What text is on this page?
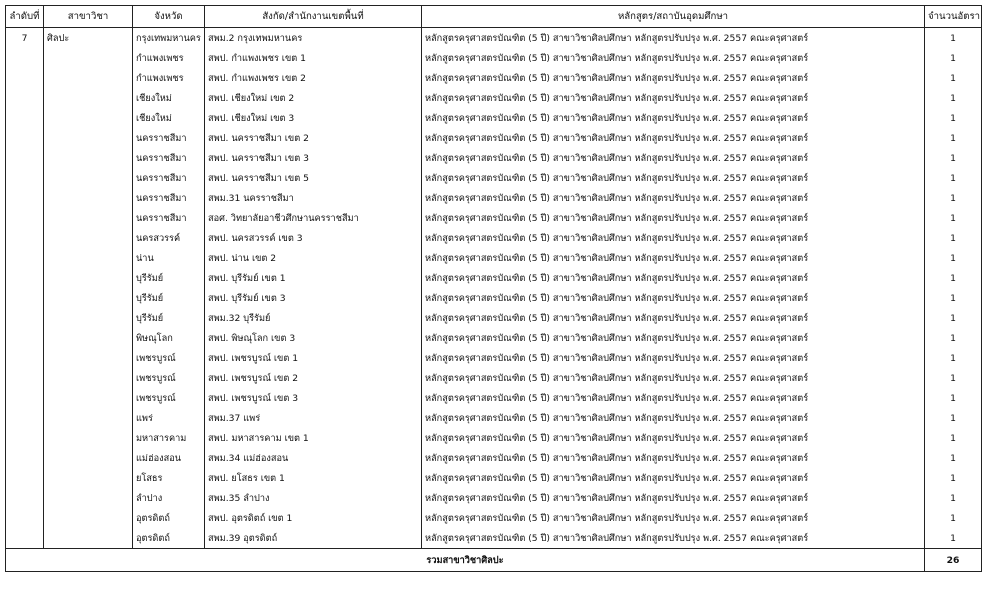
ลำดับที่	สาขาวิชา	จังหวัด	สังกัด/สำนักงานเขตพื้นที่	หลักสูตร/สถาบันอุดมศึกษา	จำนวนอัตรา
7	ศิลปะ	กรุงเทพมหานคร	สพม.2 กรุงเทพมหานคร	หลักสูตรครุศาสตรบัณฑิต (5 ปี) สาขาวิชาศิลปศึกษา หลักสูตรปรับปรุง พ.ศ. 2557 คณะครุศาสตร์	1
		กำแพงเพชร	สพป. กำแพงเพชร เขต 1	หลักสูตรครุศาสตรบัณฑิต (5 ปี) สาขาวิชาศิลปศึกษา หลักสูตรปรับปรุง พ.ศ. 2557 คณะครุศาสตร์	1
		กำแพงเพชร	สพป. กำแพงเพชร เขต 2	หลักสูตรครุศาสตรบัณฑิต (5 ปี) สาขาวิชาศิลปศึกษา หลักสูตรปรับปรุง พ.ศ. 2557 คณะครุศาสตร์	1
		เชียงใหม่	สพป. เชียงใหม่ เขต 2	หลักสูตรครุศาสตรบัณฑิต (5 ปี) สาขาวิชาศิลปศึกษา หลักสูตรปรับปรุง พ.ศ. 2557 คณะครุศาสตร์	1
		เชียงใหม่	สพป. เชียงใหม่ เขต 3	หลักสูตรครุศาสตรบัณฑิต (5 ปี) สาขาวิชาศิลปศึกษา หลักสูตรปรับปรุง พ.ศ. 2557 คณะครุศาสตร์	1
		นครราชสีมา	สพป. นครราชสีมา เขต 2	หลักสูตรครุศาสตรบัณฑิต (5 ปี) สาขาวิชาศิลปศึกษา หลักสูตรปรับปรุง พ.ศ. 2557 คณะครุศาสตร์	1
		นครราชสีมา	สพป. นครราชสีมา เขต 3	หลักสูตรครุศาสตรบัณฑิต (5 ปี) สาขาวิชาศิลปศึกษา หลักสูตรปรับปรุง พ.ศ. 2557 คณะครุศาสตร์	1
		นครราชสีมา	สพป. นครราชสีมา เขต 5	หลักสูตรครุศาสตรบัณฑิต (5 ปี) สาขาวิชาศิลปศึกษา หลักสูตรปรับปรุง พ.ศ. 2557 คณะครุศาสตร์	1
		นครราชสีมา	สพม.31 นครราชสีมา	หลักสูตรครุศาสตรบัณฑิต (5 ปี) สาขาวิชาศิลปศึกษา หลักสูตรปรับปรุง พ.ศ. 2557 คณะครุศาสตร์	1
		นครราชสีมา	สอศ. วิทยาลัยอาชีวศึกษานครราชสีมา	หลักสูตรครุศาสตรบัณฑิต (5 ปี) สาขาวิชาศิลปศึกษา หลักสูตรปรับปรุง พ.ศ. 2557 คณะครุศาสตร์	1
		นครสวรรค์	สพป. นครสวรรค์ เขต 3	หลักสูตรครุศาสตรบัณฑิต (5 ปี) สาขาวิชาศิลปศึกษา หลักสูตรปรับปรุง พ.ศ. 2557 คณะครุศาสตร์	1
		น่าน	สพป. น่าน เขต 2	หลักสูตรครุศาสตรบัณฑิต (5 ปี) สาขาวิชาศิลปศึกษา หลักสูตรปรับปรุง พ.ศ. 2557 คณะครุศาสตร์	1
		บุรีรัมย์	สพป. บุรีรัมย์ เขต 1	หลักสูตรครุศาสตรบัณฑิต (5 ปี) สาขาวิชาศิลปศึกษา หลักสูตรปรับปรุง พ.ศ. 2557 คณะครุศาสตร์	1
		บุรีรัมย์	สพป. บุรีรัมย์ เขต 3	หลักสูตรครุศาสตรบัณฑิต (5 ปี) สาขาวิชาศิลปศึกษา หลักสูตรปรับปรุง พ.ศ. 2557 คณะครุศาสตร์	1
		บุรีรัมย์	สพม.32 บุรีรัมย์	หลักสูตรครุศาสตรบัณฑิต (5 ปี) สาขาวิชาศิลปศึกษา หลักสูตรปรับปรุง พ.ศ. 2557 คณะครุศาสตร์	1
		พิษณุโลก	สพป. พิษณุโลก เขต 3	หลักสูตรครุศาสตรบัณฑิต (5 ปี) สาขาวิชาศิลปศึกษา หลักสูตรปรับปรุง พ.ศ. 2557 คณะครุศาสตร์	1
		เพชรบูรณ์	สพป. เพชรบูรณ์ เขต 1	หลักสูตรครุศาสตรบัณฑิต (5 ปี) สาขาวิชาศิลปศึกษา หลักสูตรปรับปรุง พ.ศ. 2557 คณะครุศาสตร์	1
		เพชรบูรณ์	สพป. เพชรบูรณ์ เขต 2	หลักสูตรครุศาสตรบัณฑิต (5 ปี) สาขาวิชาศิลปศึกษา หลักสูตรปรับปรุง พ.ศ. 2557 คณะครุศาสตร์	1
		เพชรบูรณ์	สพป. เพชรบูรณ์ เขต 3	หลักสูตรครุศาสตรบัณฑิต (5 ปี) สาขาวิชาศิลปศึกษา หลักสูตรปรับปรุง พ.ศ. 2557 คณะครุศาสตร์	1
		แพร่	สพม.37 แพร่	หลักสูตรครุศาสตรบัณฑิต (5 ปี) สาขาวิชาศิลปศึกษา หลักสูตรปรับปรุง พ.ศ. 2557 คณะครุศาสตร์	1
		มหาสารคาม	สพป. มหาสารคาม เขต 1	หลักสูตรครุศาสตรบัณฑิต (5 ปี) สาขาวิชาศิลปศึกษา หลักสูตรปรับปรุง พ.ศ. 2557 คณะครุศาสตร์	1
		แม่ฮ่องสอน	สพม.34 แม่ฮ่องสอน	หลักสูตรครุศาสตรบัณฑิต (5 ปี) สาขาวิชาศิลปศึกษา หลักสูตรปรับปรุง พ.ศ. 2557 คณะครุศาสตร์	1
		ยโสธร	สพป. ยโสธร เขต 1	หลักสูตรครุศาสตรบัณฑิต (5 ปี) สาขาวิชาศิลปศึกษา หลักสูตรปรับปรุง พ.ศ. 2557 คณะครุศาสตร์	1
		ลำปาง	สพม.35 ลำปาง	หลักสูตรครุศาสตรบัณฑิต (5 ปี) สาขาวิชาศิลปศึกษา หลักสูตรปรับปรุง พ.ศ. 2557 คณะครุศาสตร์	1
		อุตรดิตถ์	สพป. อุตรดิตถ์ เขต 1	หลักสูตรครุศาสตรบัณฑิต (5 ปี) สาขาวิชาศิลปศึกษา หลักสูตรปรับปรุง พ.ศ. 2557 คณะครุศาสตร์	1
		อุตรดิตถ์	สพม.39 อุตรดิตถ์	หลักสูตรครุศาสตรบัณฑิต (5 ปี) สาขาวิชาศิลปศึกษา หลักสูตรปรับปรุง พ.ศ. 2557 คณะครุศาสตร์	1
รวมสาขาวิชาศิลปะ					26
